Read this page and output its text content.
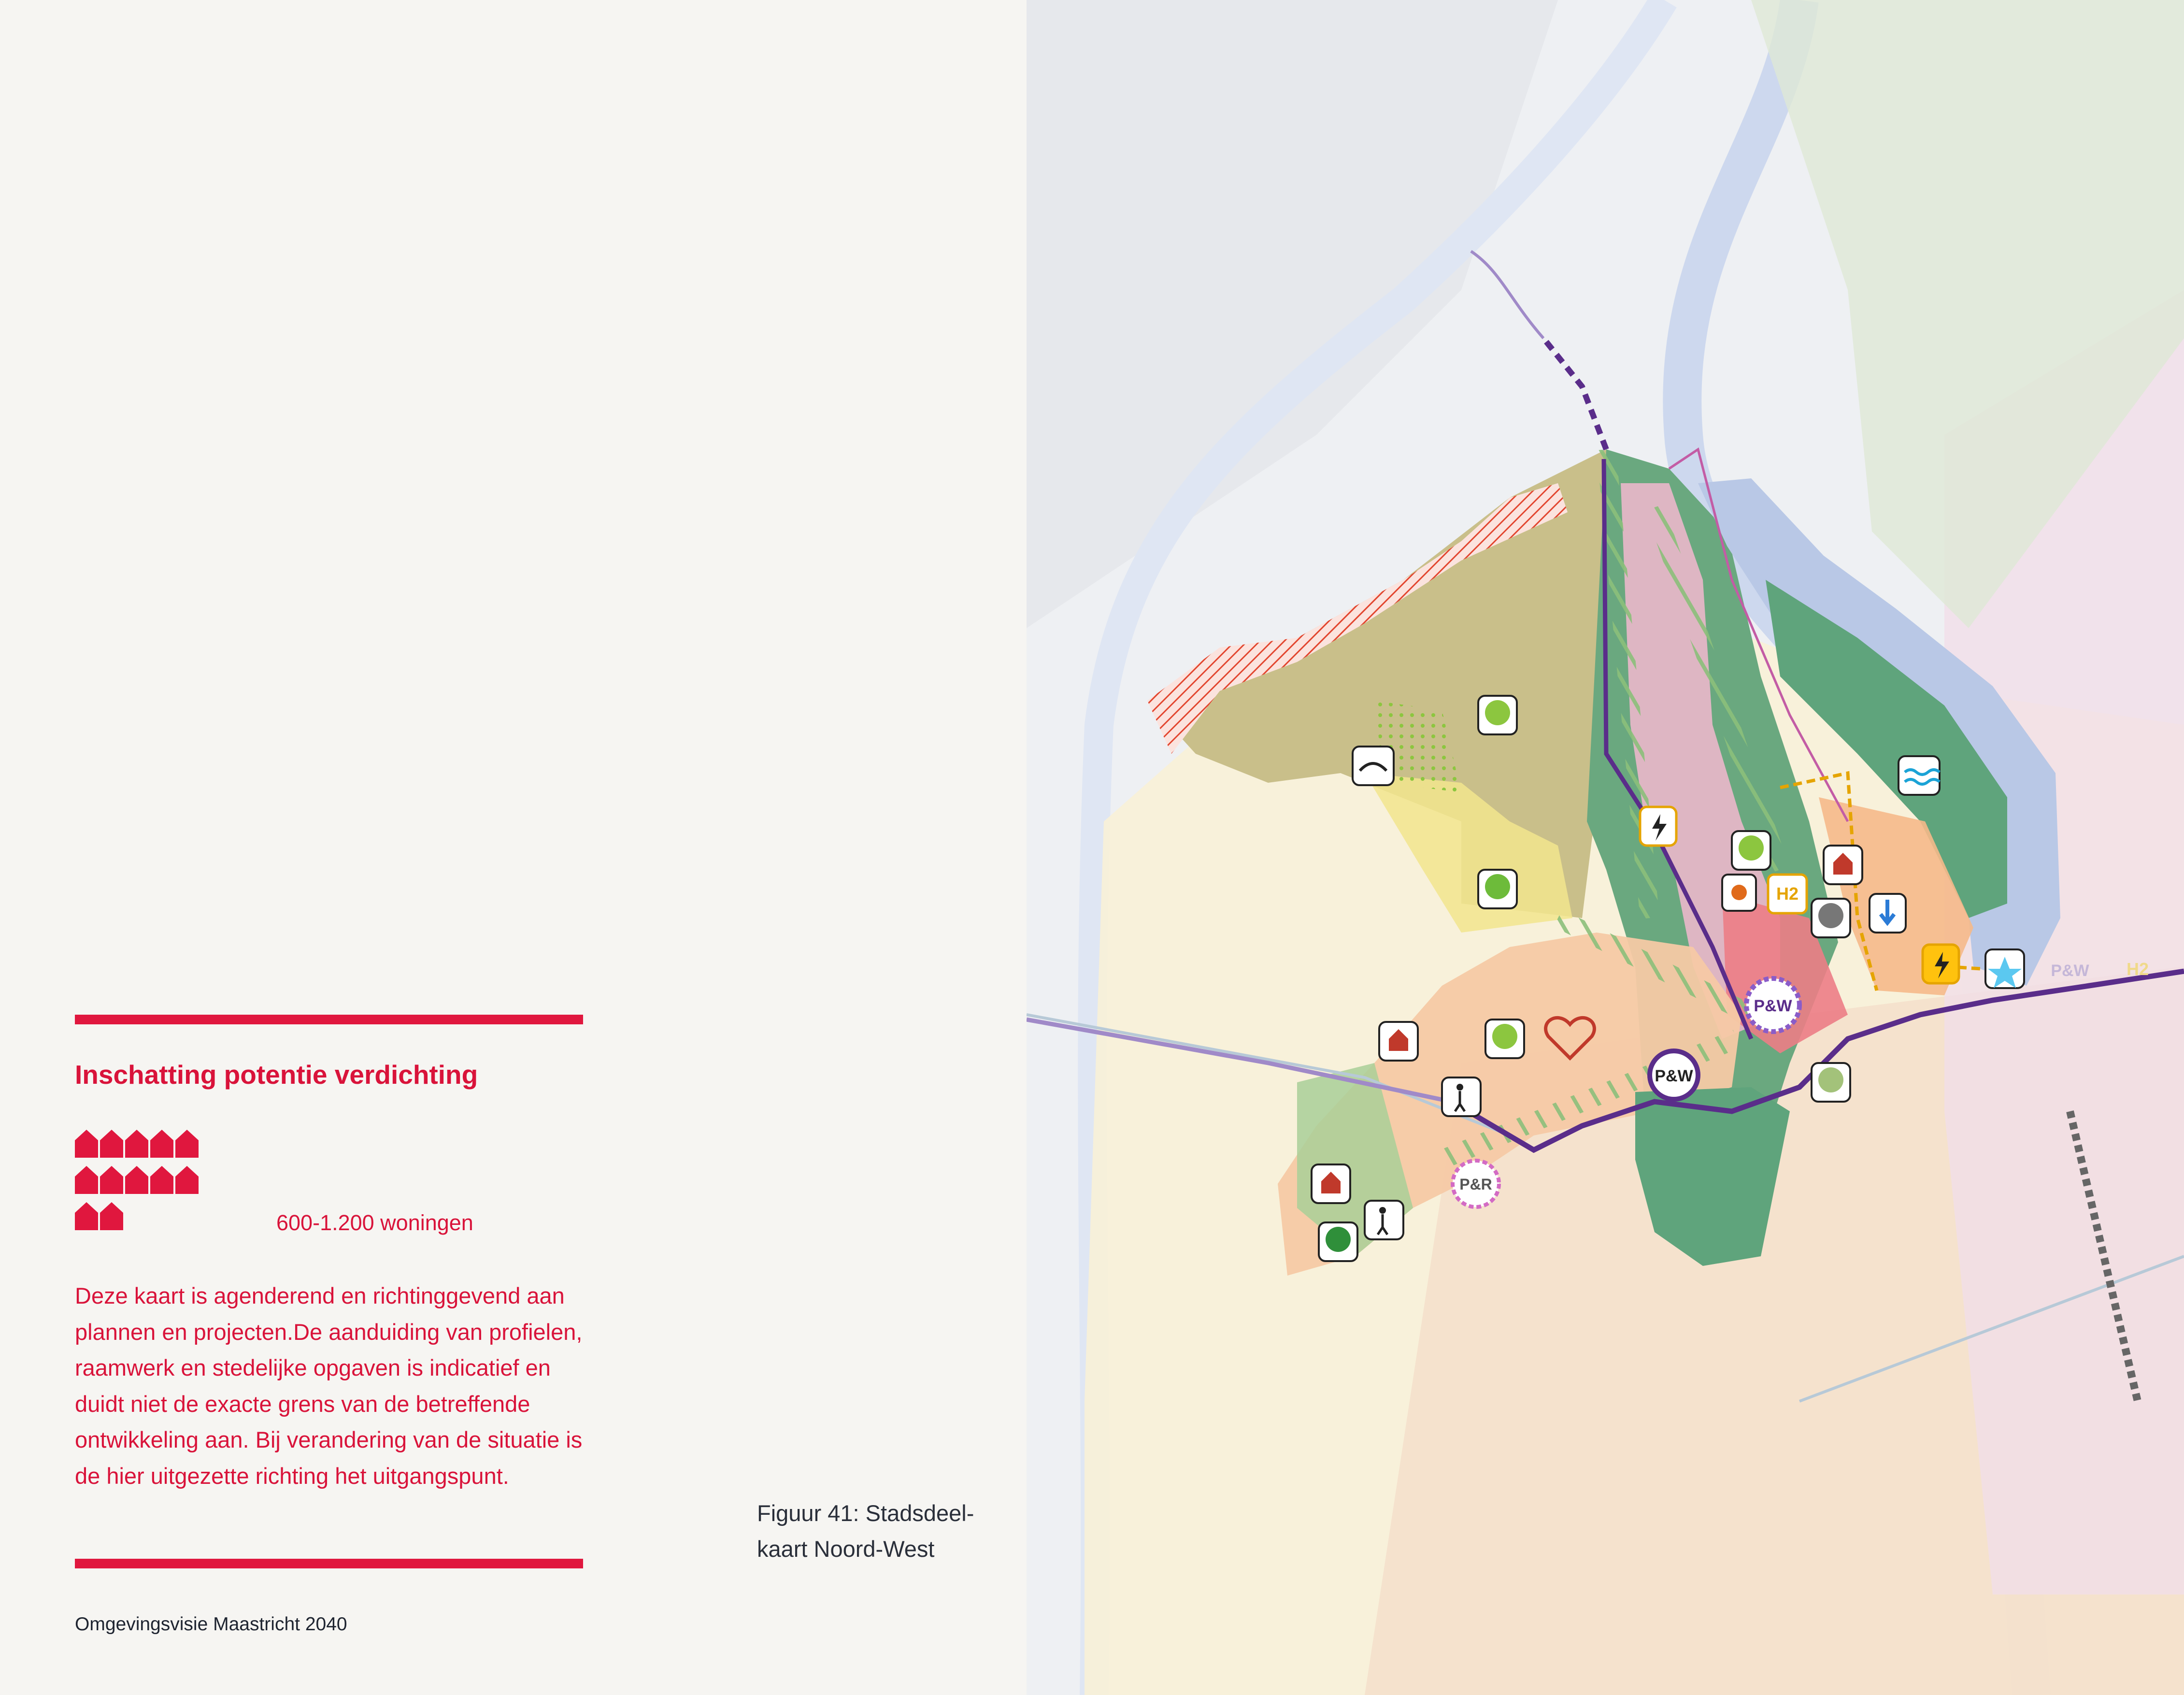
Inschatting potentie verdichting
600-1.200 woningen
Deze kaart is agenderend en richtinggevend aan plannen en projecten.De aanduiding van profielen, raamwerk en stedelijke opgaven is indicatief en duidt niet de exacte grens van de betreffende ontwikkeling aan. Bij verandering van de situatie is de hier uitgezette richting het uitgangspunt.
Figuur 41: Stadsdeel-
kaart Noord-West
Omgevingsvisie Maastricht 2040
P&W
P&W
P&W
P&R
H2
H2
